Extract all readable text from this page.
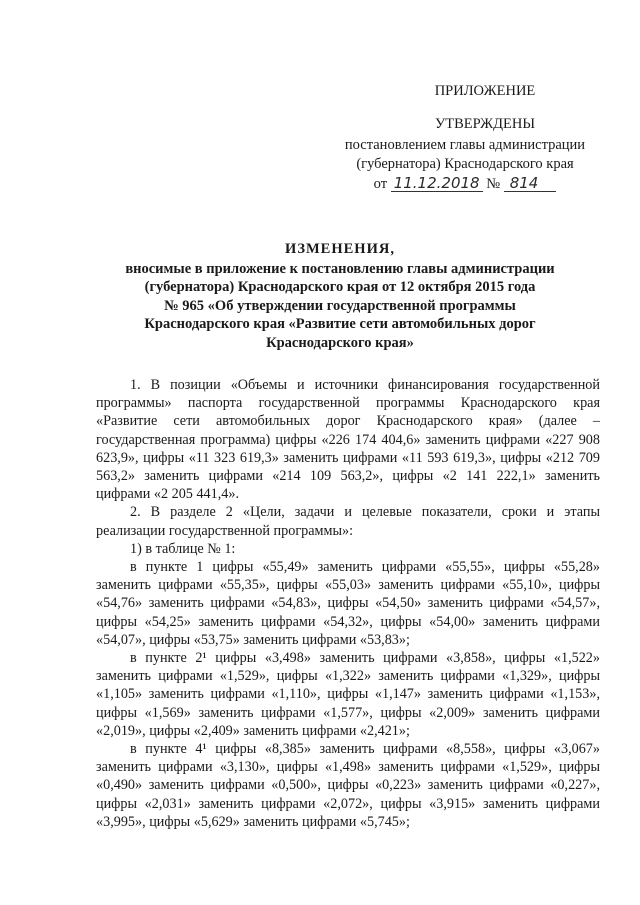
ПРИЛОЖЕНИЕ
УТВЕРЖДЕНЫ
постановлением главы администрации
(губернатора) Краснодарского края
от 11.12.2018 № 814
ИЗМЕНЕНИЯ,
вносимые в приложение к постановлению главы администрации
(губернатора) Краснодарского края от 12 октября 2015 года
№ 965 «Об утверждении государственной программы
Краснодарского края «Развитие сети автомобильных дорог
Краснодарского края»

1. В позиции «Объемы и источники финансирования государственной программы» паспорта государственной программы Краснодарского края «Развитие сети автомобильных дорог Краснодарского края» (далее – государственная программа) цифры «226 174 404,6» заменить цифрами «227 908 623,9», цифры «11 323 619,3» заменить цифрами «11 593 619,3», цифры «212 709 563,2» заменить цифрами «214 109 563,2», цифры «2 141 222,1» заменить цифрами «2 205 441,4».

2. В разделе 2 «Цели, задачи и целевые показатели, сроки и этапы реализации государственной программы»:

1) в таблице № 1:

в пункте 1 цифры «55,49» заменить цифрами «55,55», цифры «55,28» заменить цифрами «55,35», цифры «55,03» заменить цифрами «55,10», цифры «54,76» заменить цифрами «54,83», цифры «54,50» заменить цифрами «54,57», цифры «54,25» заменить цифрами «54,32», цифры «54,00» заменить цифрами «54,07», цифры «53,75» заменить цифрами «53,83»;

в пункте 2¹ цифры «3,498» заменить цифрами «3,858», цифры «1,522» заменить цифрами «1,529», цифры «1,322» заменить цифрами «1,329», цифры «1,105» заменить цифрами «1,110», цифры «1,147» заменить цифрами «1,153», цифры «1,569» заменить цифрами «1,577», цифры «2,009» заменить цифрами «2,019», цифры «2,409» заменить цифрами «2,421»;

в пункте 4¹ цифры «8,385» заменить цифрами «8,558», цифры «3,067» заменить цифрами «3,130», цифры «1,498» заменить цифрами «1,529», цифры «0,490» заменить цифрами «0,500», цифры «0,223» заменить цифрами «0,227», цифры «2,031» заменить цифрами «2,072», цифры «3,915» заменить цифрами «3,995», цифры «5,629» заменить цифрами «5,745»;
